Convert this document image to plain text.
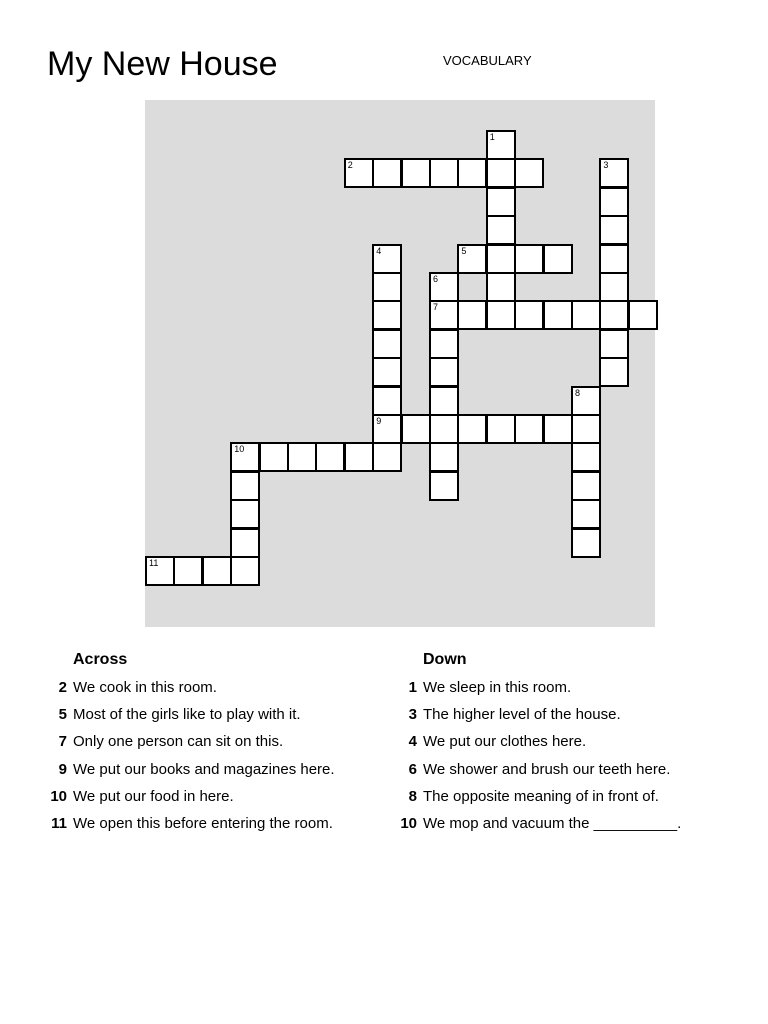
My New House	VOCABULARY
1
2	3
4	5
6
7
8
9
10
11
Across
2 We cook in this room.
5 Most of the girls like to play with it.
7 Only one person can sit on this.
9 We put our books and magazines here.
10 We put our food in here.
11 We open this before entering the room.
Down
1 We sleep in this room.
3 The higher level of the house.
4 We put our clothes here.
6 We shower and brush our teeth here.
8 The opposite meaning of in front of.
10 We mop and vacuum the __________.
